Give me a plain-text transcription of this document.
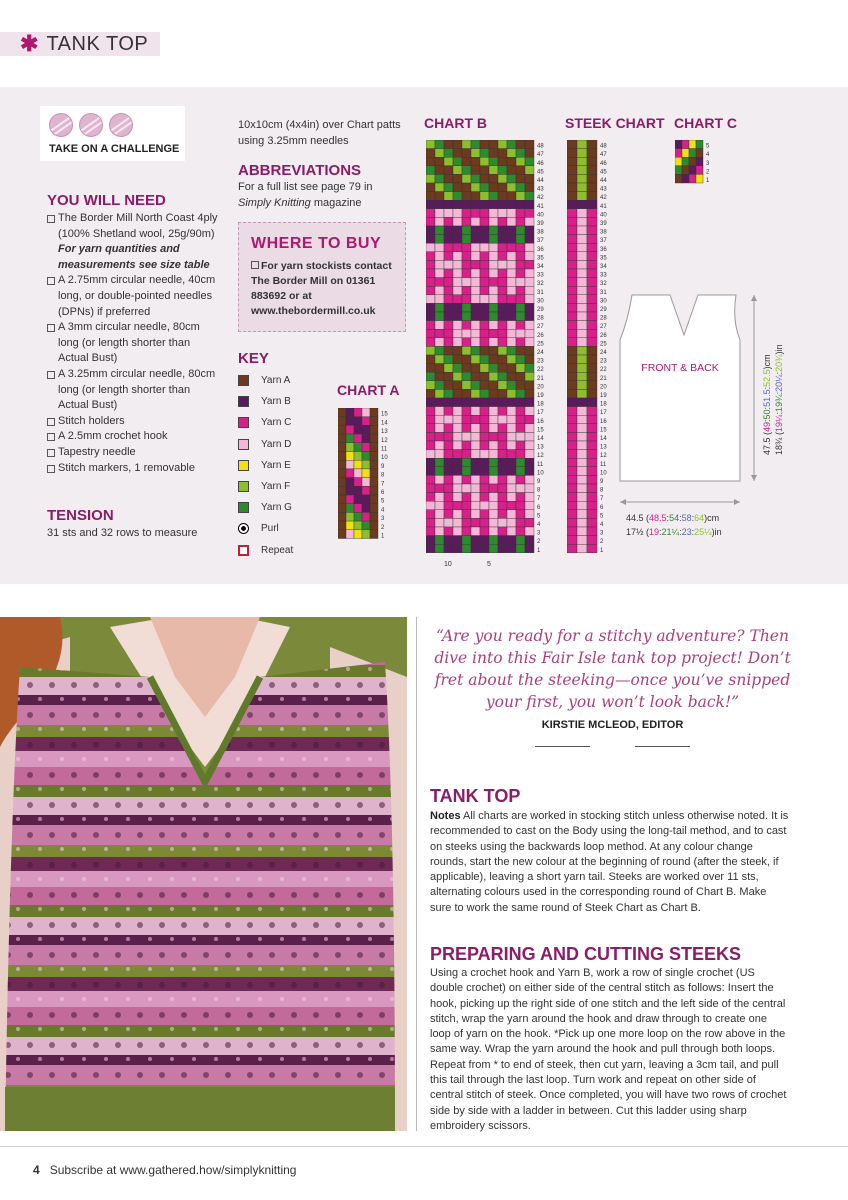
✱ TANK TOP
TAKE ON A CHALLENGE
YOU WILL NEED
The Border Mill North Coast 4ply (100% Shetland wool, 25g/90m)
For yarn quantities and measurements see size table
A 2.75mm circular needle, 40cm long, or double-pointed needles (DPNs) if preferred
A 3mm circular needle, 80cm long (or length shorter than Actual Bust)
A 3.25mm circular needle, 80cm long (or length shorter than Actual Bust)
Stitch holders
A 2.5mm crochet hook
Tapestry needle
Stitch markers, 1 removable
TENSION
31 sts and 32 rows to measure
10x10cm (4x4in) over Chart patts
using 3.25mm needles
ABBREVIATIONS
For a full list see page 79 in
Simply Knitting magazine
WHERE TO BUY
For yarn stockists contact The Border Mill on 01361 883692 or at www.thebordermill.co.uk
KEY
Yarn A
Yarn B
Yarn C
Yarn D
Yarn E
Yarn F
Yarn G
Purl
Repeat
CHART A
CHART B	STEEK CHART CHART C
15
14
13
12
11
10
9
8
7
6
5
4
3
2
1
48
47
46
45
44
43
42
41
40
39
38
37
36
35
34
33
32
31
30
29
28
27
26
25
24
23
22
21
20
19
18
17
16
15
14
13
12
11
10
9
8
7
6
5
4
3
2
1
10	5
48
47
46
45
44
43
42
41
40
39
38
37
36
35
34
33
32
31
30
29
28
27
26
25
24
23
22
21
20
19
18
17
16
15
14
13
12
11
10
9
8
7
6
5
4
3
2
1
5
4
3
2
1
FRONT & BACK
44.5 (48.5:54:58:64)cm
17½ (19:21¼:23:25¼)in
47.5 (49:50:51.5:52.5)cm
18¾ (19¼:19¾:20¼:20¾)in
“Are you ready for a stitchy adventure? Then dive into this Fair Isle tank top project! Don’t fret about the steeking—once you’ve snipped your first, you won’t look back!”
KIRSTIE MCLEOD, EDITOR
TANK TOP
Notes All charts are worked in stocking stitch unless otherwise noted. It is recommended to cast on the Body using the long-tail method, and to cast on steeks using the backwards loop method. At any colour change rounds, start the new colour at the beginning of round (after the steek, if applicable), leaving a short yarn tail. Steeks are worked over 11 sts, alternating colours used in the corresponding round of Chart B. Make sure to work the same round of Steek Chart as Chart B.
PREPARING AND CUTTING STEEKS
Using a crochet hook and Yarn B, work a row of single crochet (US double crochet) on either side of the central stitch as follows: Insert the hook, picking up the right side of one stitch and the left side of the central stitch, wrap the yarn around the hook and draw through to create one loop of yarn on the hook. *Pick up one more loop on the row above in the same way. Wrap the yarn around the hook and pull through both loops. Repeat from * to end of steek, then cut yarn, leaving a 3cm tail, and pull this tail through the last loop. Turn work and repeat on other side of central stitch of steek. Once completed, you will have two rows of crochet side by side with a ladder in between. Cut this ladder using sharp embroidery scissors.
4 Subscribe at www.gathered.how/simplyknitting
